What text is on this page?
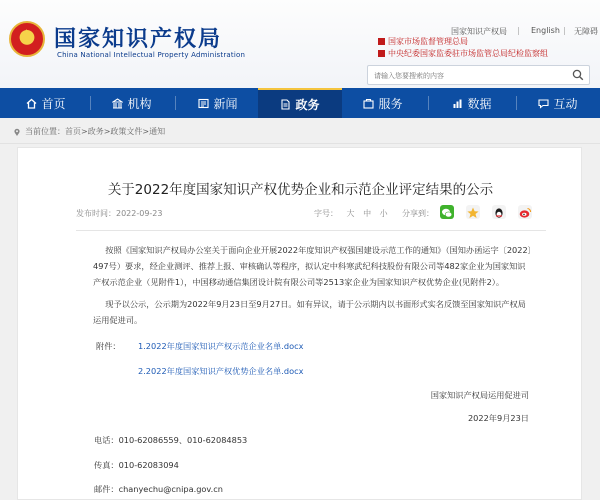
★ 国家知识产权局
China National Intellectual Property Administration
国家知识产权局 | English | 无障碍
国家市场监督管理总局
中央纪委国家监委驻市场监管总局纪检监察组
请输入您要搜索的内容
首页	机构	新闻	政务	服务	数据	互动
当前位置： 首页 > 政务 > 政策文件 > 通知
关于2022年度国家知识产权优势企业和示范企业评定结果的公示
发布时间：2022-09-23	字号： 大 中 小	分享到：
按照《国家知识产权局办公室关于面向企业开展2022年度知识产权强国建设示范工作的通知》（国知办函运字〔2022〕497号）要求，经企业测评、推荐上报、审核确认等程序，拟认定中科寒武纪科技股份有限公司等482家企业为国家知识产权示范企业（见附件1），中国移动通信集团设计院有限公司等2513家企业为国家知识产权优势企业(见附件2）。
现予以公示，公示期为2022年9月23日至9月27日。如有异议，请于公示期内以书面形式实名反馈至国家知识产权局运用促进司。
附件： 1.2022年度国家知识产权示范企业名单.docx
2.2022年度国家知识产权优势企业名单.docx
国家知识产权局运用促进司
2022年9月23日
电话：010-62086559、010-62084853
传真：010-62083094
邮件：chanyechu@cnipa.gov.cn
